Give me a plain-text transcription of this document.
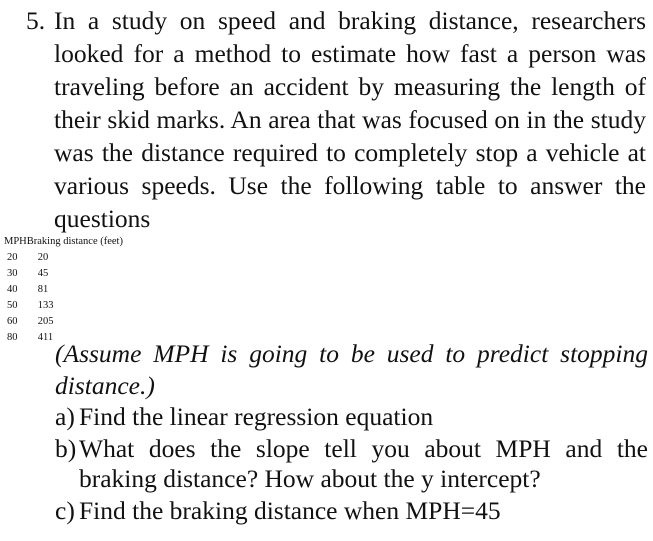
5. In a study on speed and braking distance, researchers looked for a method to estimate how fast a person was traveling before an accident by measuring the length of their skid marks. An area that was focused on in the study was the distance required to completely stop a vehicle at various speeds. Use the following table to answer the questions
MPH	Braking distance (feet)
20	20
30	45
40	81
50	133
60	205
80	411
(Assume MPH is going to be used to predict stopping distance.)
a) Find the linear regression equation
b) What does the slope tell you about MPH and the braking distance? How about the y intercept?
c) Find the braking distance when MPH=45
